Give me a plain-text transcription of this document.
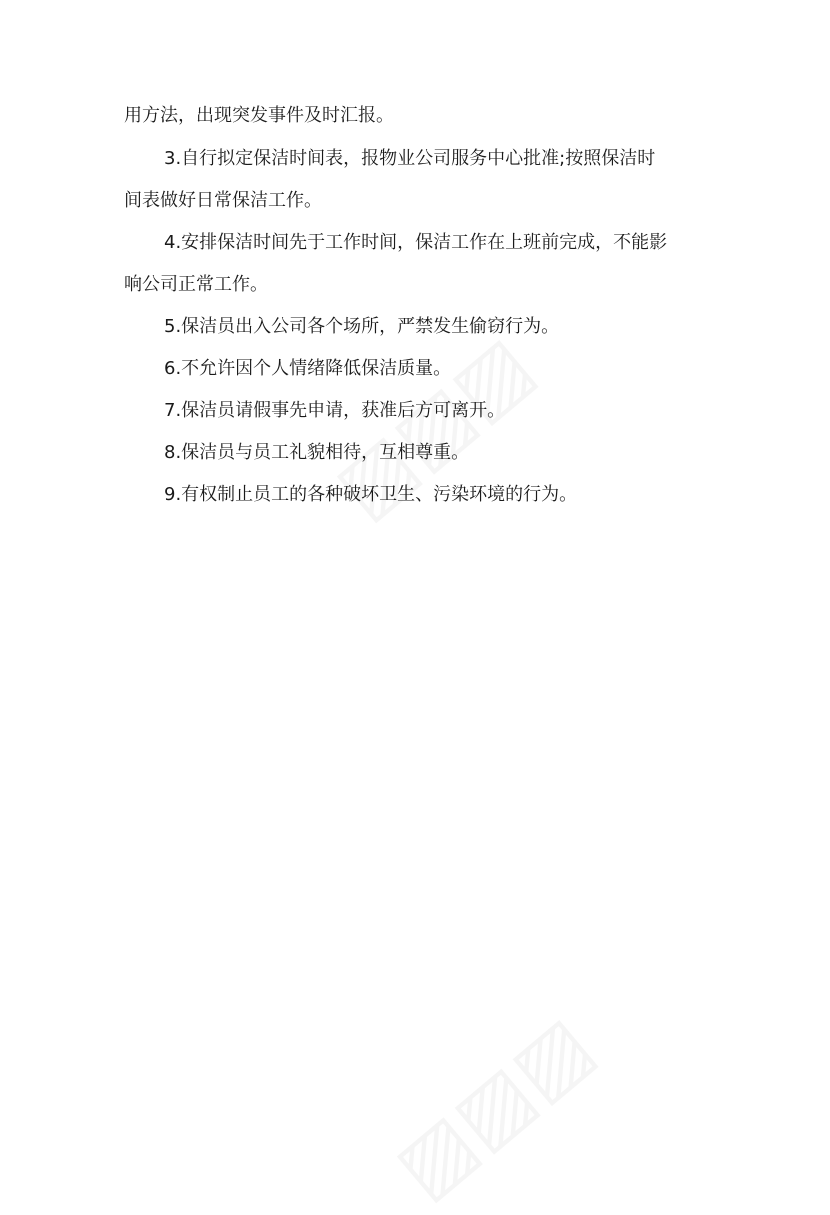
用方法，出现突发事件及时汇报。

3.自行拟定保洁时间表，报物业公司服务中心批准;按照保洁时

间表做好日常保洁工作。

4.安排保洁时间先于工作时间，保洁工作在上班前完成，不能影

响公司正常工作。

5.保洁员出入公司各个场所，严禁发生偷窃行为。

6.不允许因个人情绪降低保洁质量。

7.保洁员请假事先申请，获准后方可离开。

8.保洁员与员工礼貌相待，互相尊重。

9.有权制止员工的各种破坏卫生、污染环境的行为。
